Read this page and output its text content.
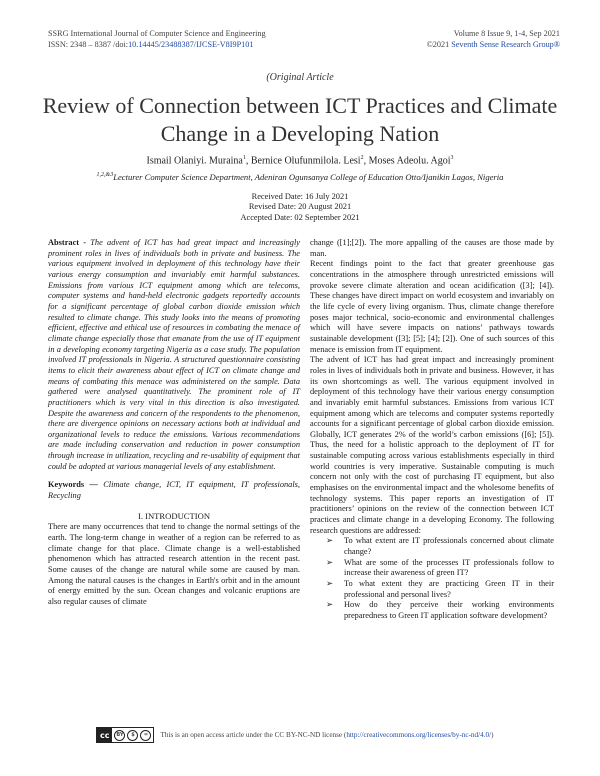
SSRG International Journal of Computer Science and Engineering
ISSN: 2348 – 8387 /doi:10.14445/23488387/IJCSE-V8I9P101
Volume 8 Issue 9, 1-4, Sep 2021
©2021 Seventh Sense Research Group®
(Original Article
Review of Connection between ICT Practices and Climate Change in a Developing Nation
Ismail Olaniyi. Muraina$^1$, Bernice Olufunmilola. Lesi$^2$, Moses Adeolu. Agoi$^3$
$^{1,2,\&3}$Lecturer Computer Science Department, Adeniran Ogunsanya College of Education Otto/Ijanikin Lagos, Nigeria
Received Date: 16 July 2021
Revised Date: 20 August 2021
Accepted Date: 02 September 2021

Abstract - The advent of ICT has had great impact and increasingly prominent roles in lives of individuals both in private and business. The various equipment involved in deployment of this technology have their various energy consumption and invariably emit harmful substances. Emissions from various ICT equipment among which are telecoms, computer systems and hand-held electronic gadgets reportedly accounts for a significant percentage of global carbon dioxide emission which resulted to climate change. This study looks into the means of promoting efficient, effective and ethical use of resources in combating the menace of climate change especially those that emanate from the use of IT equipment in a developing economy targeting Nigeria as a case study. The population involved IT professionals in Nigeria. A structured questionnaire consisting items to elicit their awareness about effect of ICT on climate change and means of combating this menace was administered on the sample. Data gathered were analysed quantitatively. The prominent role of IT practitioners which is very vital in this direction is also investigated. Despite the awareness and concern of the respondents to the phenomenon, there are divergence opinions on necessary actions both at individual and organizational levels to reduce the emissions. Various recommendations are made including conservation and reduction in power consumption through increase in utilization, recycling and re-usability of equipment that could be adopted at various managerial levels of any establishment.

Keywords — Climate change, ICT, IT equipment, IT professionals, Recycling

I. INTRODUCTION

There are many occurrences that tend to change the normal settings of the earth. The long-term change in weather of a region can be referred to as climate change for that place. Climate change is a well-established phenomenon which has attracted research attention in the recent past. Some causes of the change are natural while some are caused by man. Among the natural causes is the changes in Earth's orbit and in the amount of energy emitted by the sun. Ocean changes and volcanic eruptions are also regular causes of climate

change ([1];[2]). The more appalling of the causes are those made by man.

Recent findings point to the fact that greater greenhouse gas concentrations in the atmosphere through unrestricted emissions will provoke severe climate alteration and ocean acidification ([3]; [4]). These changes have direct impact on world ecosystem and invariably on the life cycle of every living organism. Thus, climate change therefore poses major technical, socio-economic and environmental challenges which will have severe impacts on nations’ pathways towards sustainable development ([3]; [5]; [4]; [2]). One of such sources of this menace is emission from IT equipment.

The advent of ICT has had great impact and increasingly prominent roles in lives of individuals both in private and business. However, it has its own shortcomings as well. The various equipment involved in deployment of this technology have their various energy consumption and invariably emit harmful substances. Emissions from various ICT equipment among which are telecoms and computer systems reportedly accounts for a significant percentage of global carbon dioxide emission. Globally, ICT generates 2% of the world’s carbon emissions ([6]; [5]). Thus, the need for a holistic approach to the deployment of IT for sustainable computing across various establishments especially in third world countries is very imperative. Sustainable computing is much concern not only with the cost of purchasing IT equipment, but also emphasises on the environmental impact and the wholesome benefits of technology systems. This paper reports an investigation of IT practitioners’ opinions on the review of the connection between ICT practices and climate change in a developing Economy. The following research questions are addressed:

➢ To what extent are IT professionals concerned about climate change?
➢ What are some of the processes IT professionals follow to increase their awareness of green IT?
➢ To what extent they are practicing Green IT in their professional and personal lives?
➢ How do they perceive their working environments preparedness to Green IT application software development?
cc	BY	$	=	This is an open access article under the CC BY-NC-ND license (http://creativecommons.org/licenses/by-nc-nd/4.0/)
